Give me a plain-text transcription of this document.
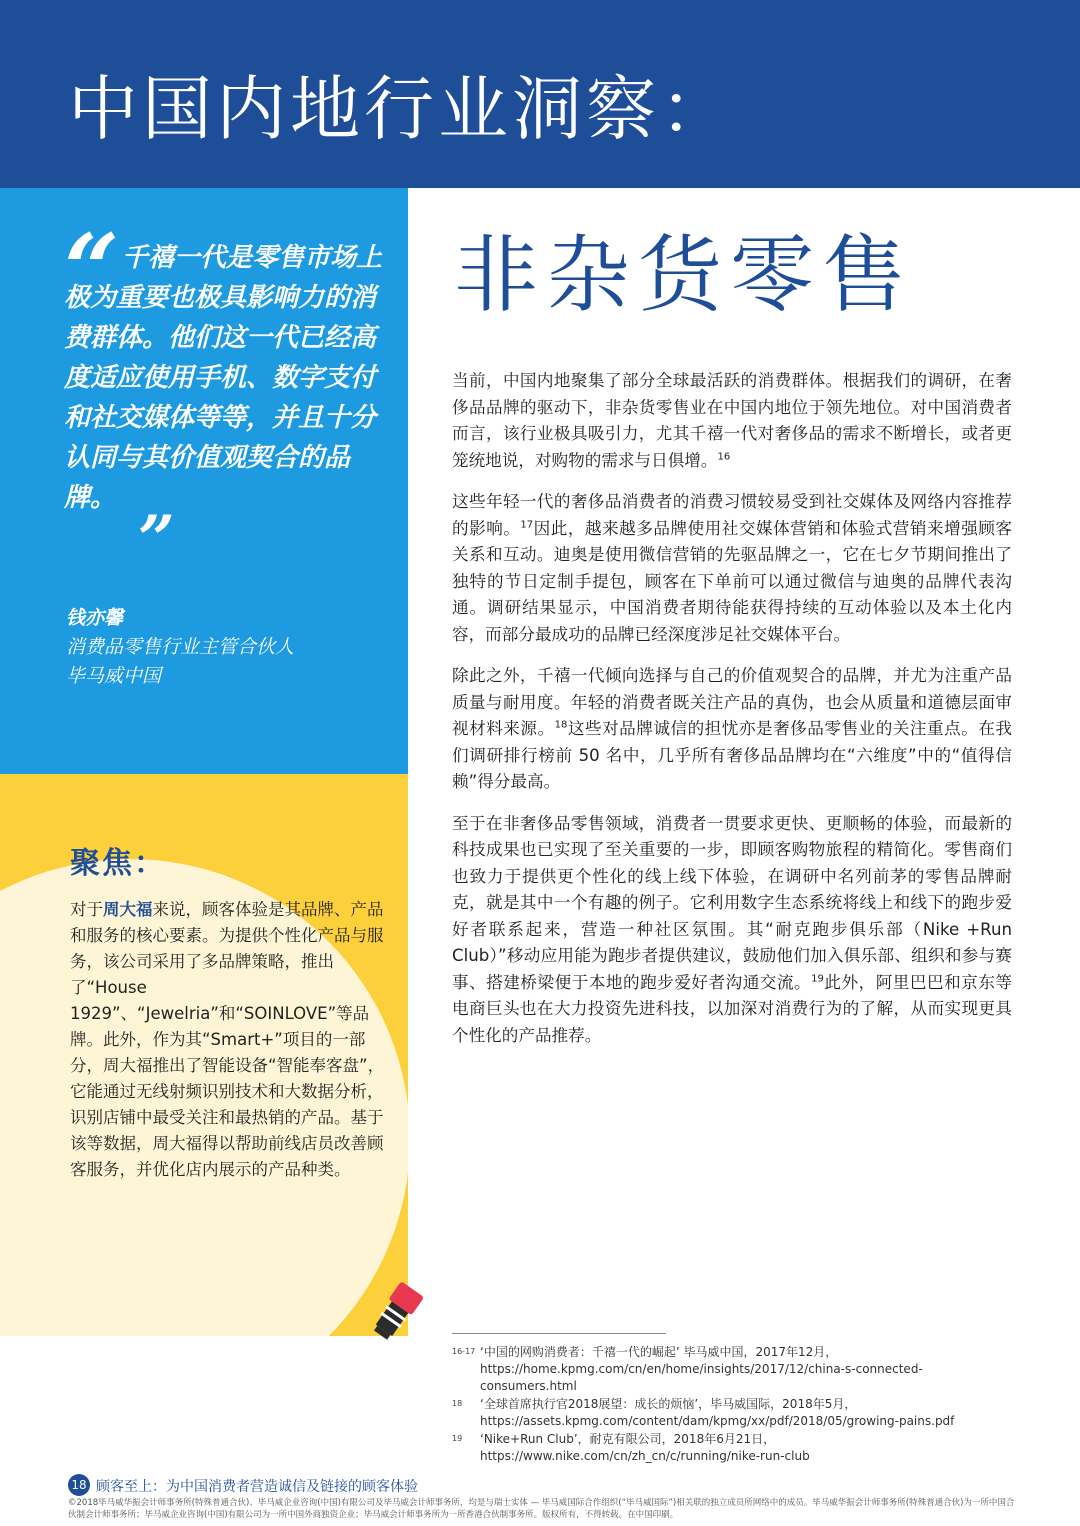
中国内地行业洞察：
“ 千禧一代是零售市场上极为重要也极具影响力的消费群体。他们这一代已经高度适应使用手机、数字支付和社交媒体等等，并且十分认同与其价值观契合的品牌。
”
钱亦馨
消费品零售行业主管合伙人
毕马威中国
聚焦：
对于周大福来说，顾客体验是其品牌、产品和服务的核心要素。为提供个性化产品与服务，该公司采用了多品牌策略，推出了“House 1929”、“Jewelria”和“SOINLOVE”等品牌。此外，作为其“Smart+”项目的一部分，周大福推出了智能设备“智能奉客盘”，它能通过无线射频识别技术和大数据分析，识别店铺中最受关注和最热销的产品。基于该等数据，周大福得以帮助前线店员改善顾客服务，并优化店内展示的产品种类。
非杂货零售

当前，中国内地聚集了部分全球最活跃的消费群体。根据我们的调研，在奢侈品品牌的驱动下，非杂货零售业在中国内地位于领先地位。对中国消费者而言，该行业极具吸引力，尤其千禧一代对奢侈品的需求不断增长，或者更笼统地说，对购物的需求与日俱增。$^{16}$

这些年轻一代的奢侈品消费者的消费习惯较易受到社交媒体及网络内容推荐的影响。$^{17}$因此，越来越多品牌使用社交媒体营销和体验式营销来增强顾客关系和互动。迪奥是使用微信营销的先驱品牌之一，它在七夕节期间推出了独特的节日定制手提包，顾客在下单前可以通过微信与迪奥的品牌代表沟通。调研结果显示，中国消费者期待能获得持续的互动体验以及本土化内容，而部分最成功的品牌已经深度涉足社交媒体平台。

除此之外，千禧一代倾向选择与自己的价值观契合的品牌，并尤为注重产品质量与耐用度。年轻的消费者既关注产品的真伪，也会从质量和道德层面审视材料来源。$^{18}$这些对品牌诚信的担忧亦是奢侈品零售业的关注重点。在我们调研排行榜前 50 名中，几乎所有奢侈品品牌均在“六维度”中的“值得信赖”得分最高。

至于在非奢侈品零售领域，消费者一贯要求更快、更顺畅的体验，而最新的科技成果也已实现了至关重要的一步，即顾客购物旅程的精简化。零售商们也致力于提供更个性化的线上线下体验，在调研中名列前茅的零售品牌耐克，就是其中一个有趣的例子。它利用数字生态系统将线上和线下的跑步爱好者联系起来，营造一种社区氛围。其“耐克跑步俱乐部（Nike +Run Club）”移动应用能为跑步者提供建议，鼓励他们加入俱乐部、组织和参与赛事、搭建桥梁便于本地的跑步爱好者沟通交流。$^{19}$此外，阿里巴巴和京东等电商巨头也在大力投资先进科技，以加深对消费行为的了解，从而实现更具个性化的产品推荐。

16-17 ‘中国的网购消费者：千禧一代的崛起’ 毕马威中国，2017年12月，https://home.kpmg.com/cn/en/home/insights/2017/12/china-s-connected-consumers.html
18 ‘全球首席执行官2018展望：成长的烦恼’，毕马威国际，2018年5月，https://assets.kpmg.com/content/dam/kpmg/xx/pdf/2018/05/growing-pains.pdf
19 ‘Nike+Run Club’，耐克有限公司，2018年6月21日，https://www.nike.com/cn/zh_cn/c/running/nike-run-club
18 顾客至上：为中国消费者营造诚信及链接的顾客体验
©2018毕马威华振会计师事务所(特殊普通合伙)、毕马威企业咨询(中国)有限公司及毕马威会计师事务所，均是与瑞士实体 — 毕马威国际合作组织(“毕马威国际”)相关联的独立成员所网络中的成员。毕马威华振会计师事务所(特殊普通合伙)为一所中国合伙制会计师事务所；毕马威企业咨询(中国)有限公司为一所中国外商独资企业；毕马威会计师事务所为一所香港合伙制事务所。版权所有，不得转载。在中国印刷。
